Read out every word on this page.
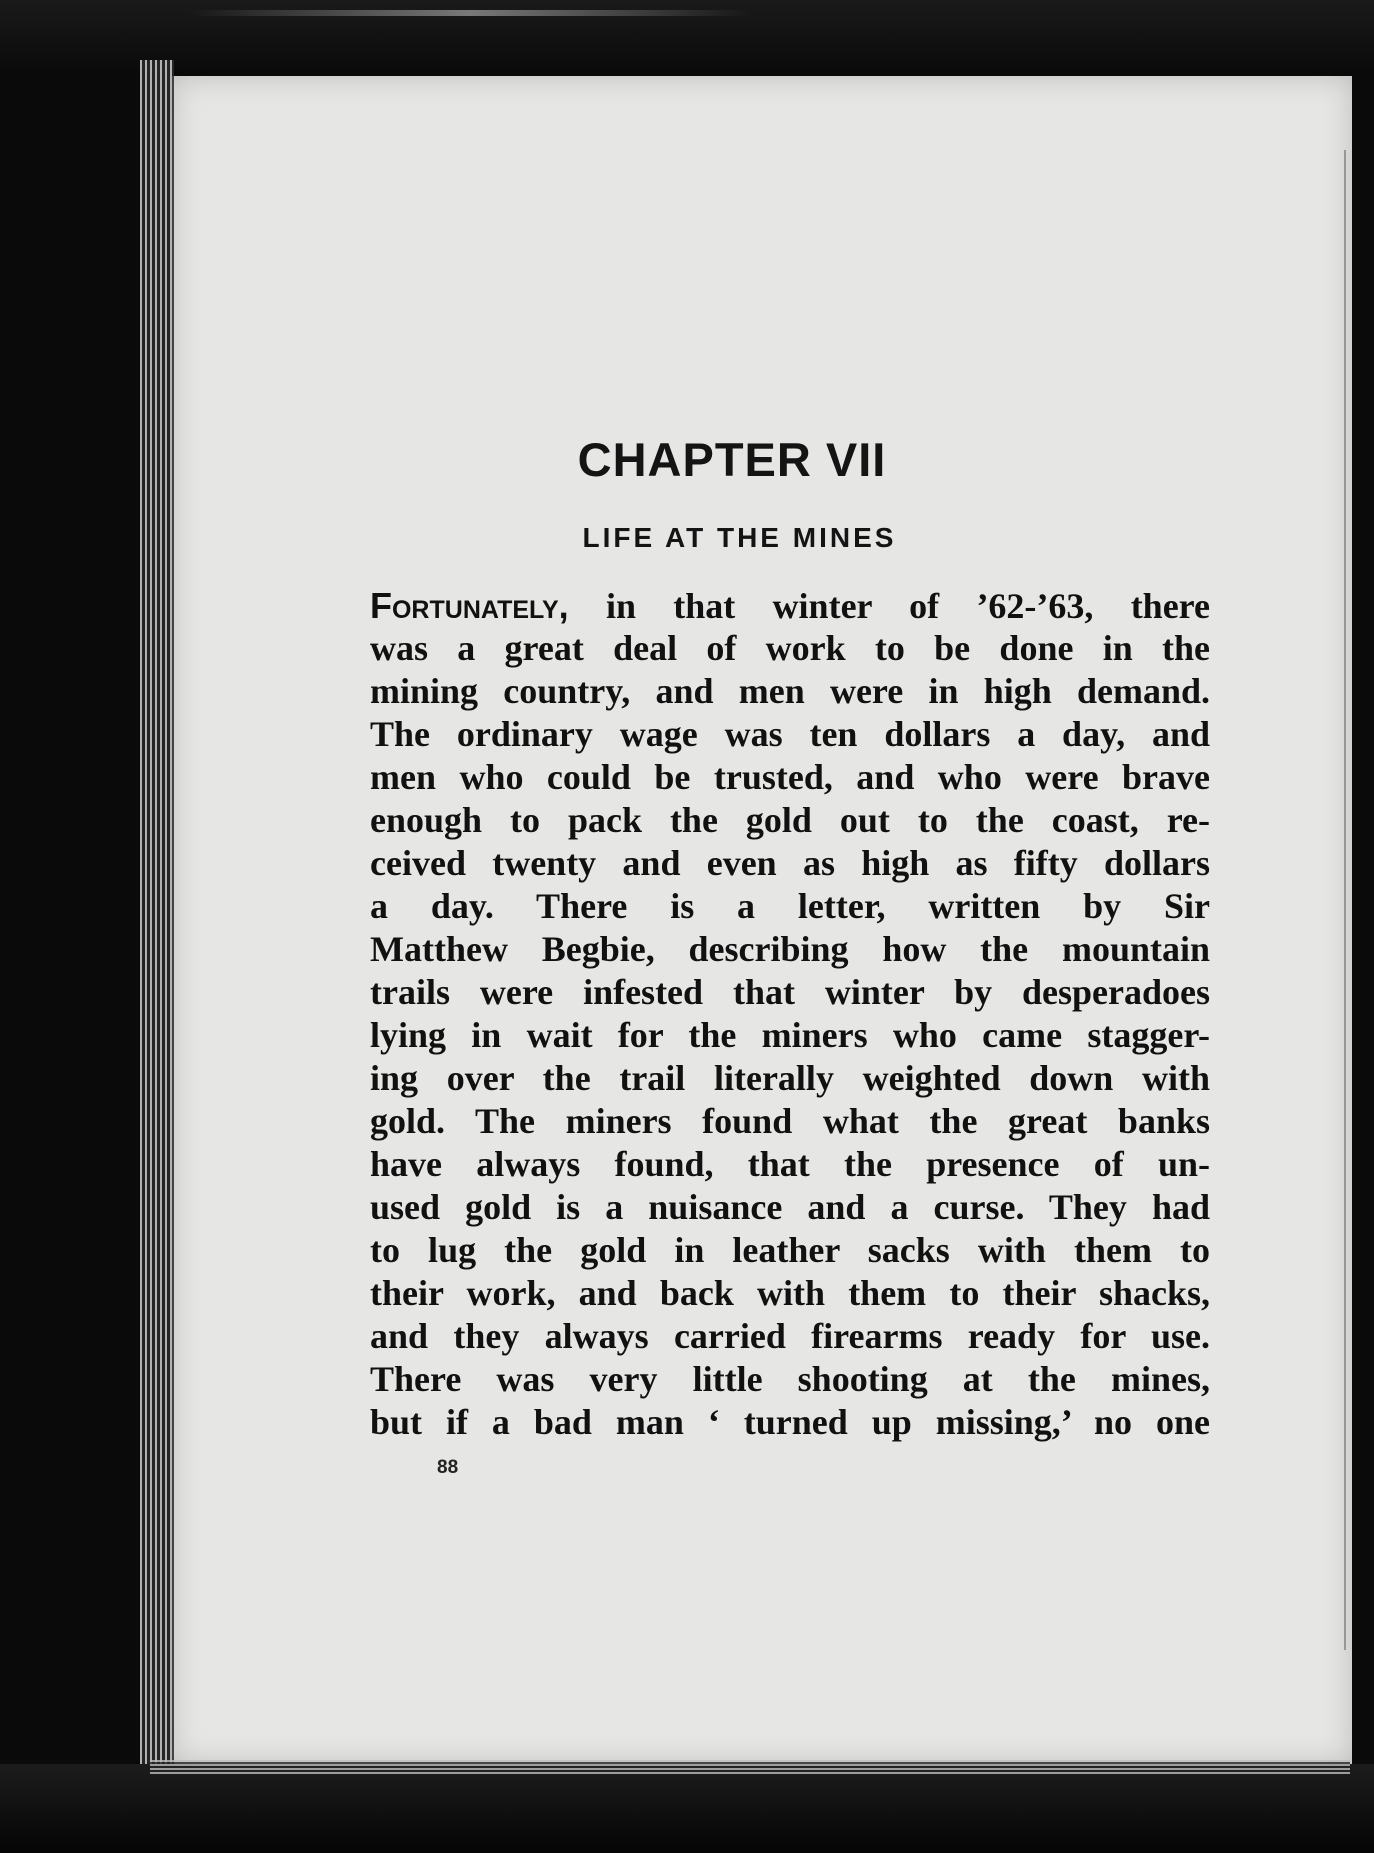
CHAPTER VII
LIFE AT THE MINES
Fortunately, in that winter of ’62-’63, there
was a great deal of work to be done in the
mining country, and men were in high demand.
The ordinary wage was ten dollars a day, and
men who could be trusted, and who were brave
enough to pack the gold out to the coast, re-
ceived twenty and even as high as fifty dollars
a day. There is a letter, written by Sir
Matthew Begbie, describing how the mountain
trails were infested that winter by desperadoes
lying in wait for the miners who came stagger-
ing over the trail literally weighted down with
gold. The miners found what the great banks
have always found, that the presence of un-
used gold is a nuisance and a curse. They had
to lug the gold in leather sacks with them to
their work, and back with them to their shacks,
and they always carried firearms ready for use.
There was very little shooting at the mines,
but if a bad man ‘ turned up missing,’ no one
88
